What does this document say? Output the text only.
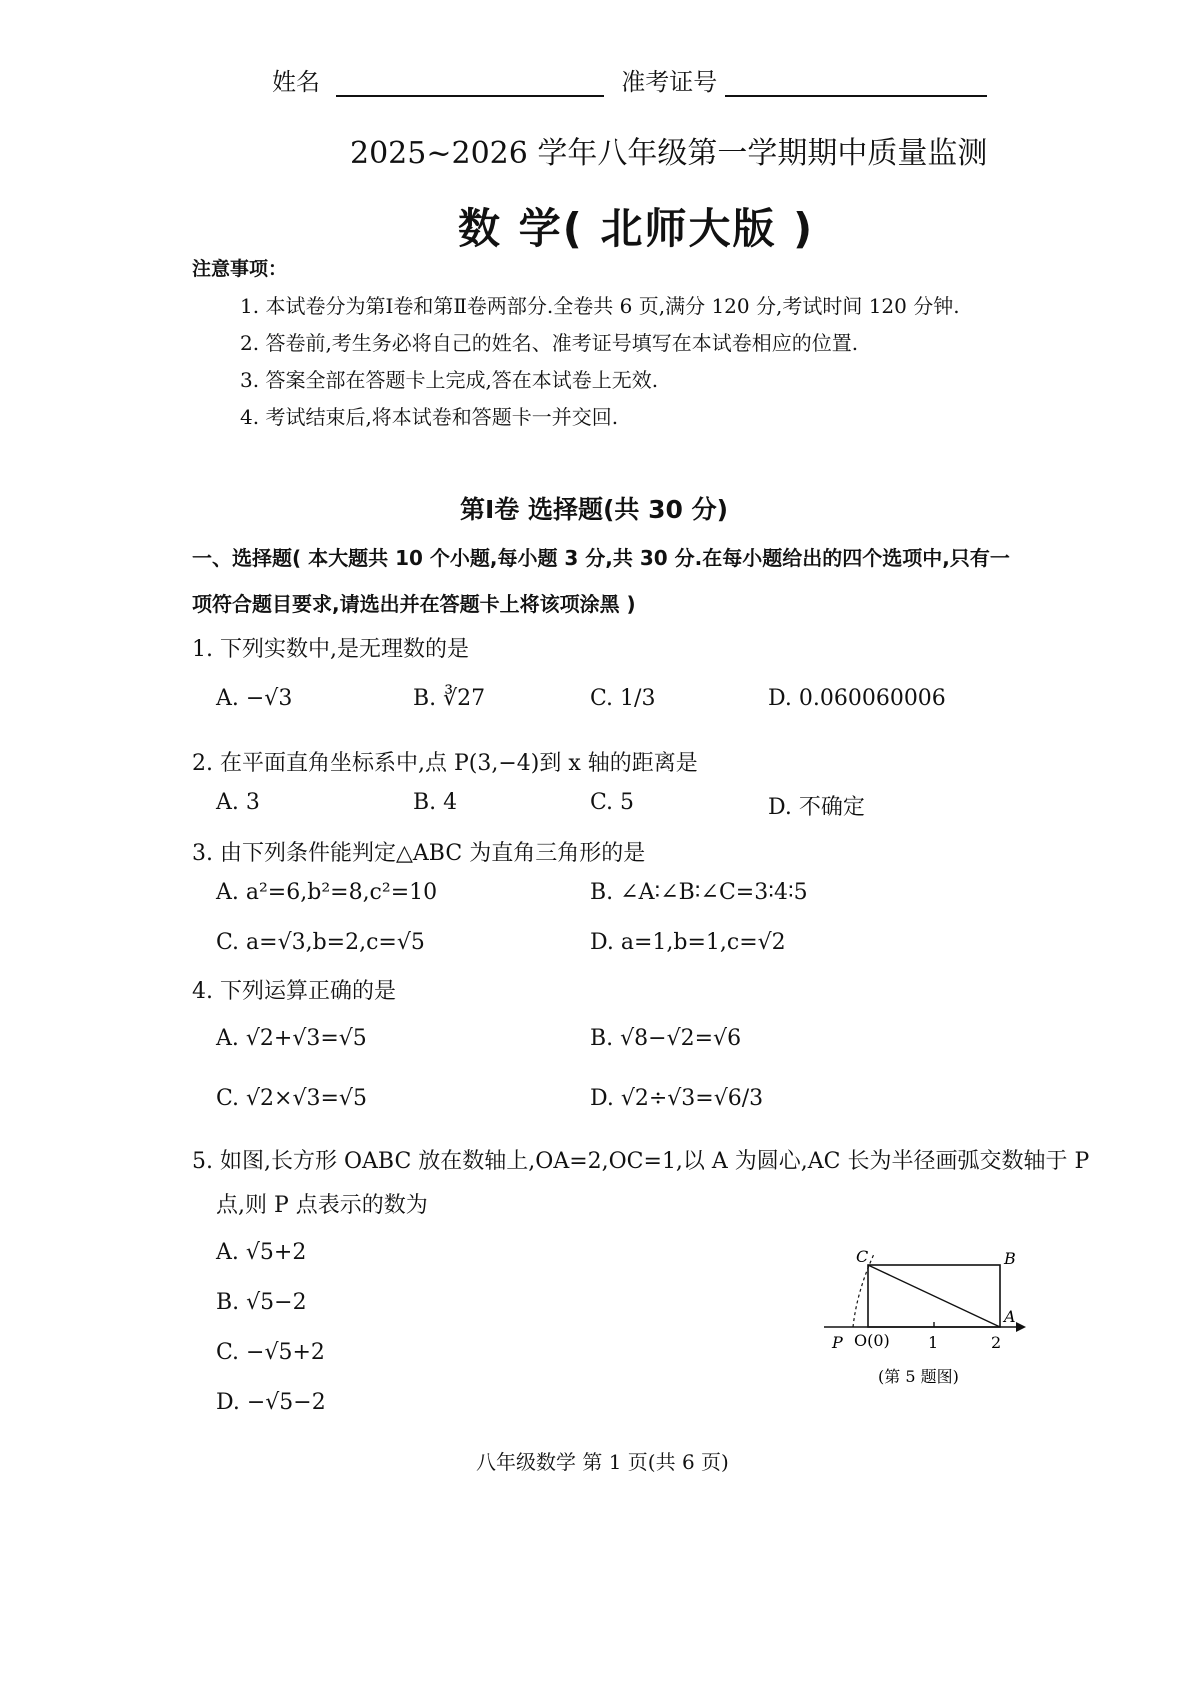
姓名	准考证号
2025~2026 学年八年级第一学期期中质量监测
数 学( 北师大版 )
注意事项：
1. 本试卷分为第Ⅰ卷和第Ⅱ卷两部分.全卷共 6 页,满分 120 分,考试时间 120 分钟.
2. 答卷前,考生务必将自己的姓名、准考证号填写在本试卷相应的位置.
3. 答案全部在答题卡上完成,答在本试卷上无效.
4. 考试结束后,将本试卷和答题卡一并交回.
第Ⅰ卷 选择题(共 30 分)
一、选择题( 本大题共 10 个小题,每小题 3 分,共 30 分.在每小题给出的四个选项中,只有一
项符合题目要求,请选出并在答题卡上将该项涂黑 )
1. 下列实数中,是无理数的是
A. −√3	B. ∛27	C. 1/3	D. 0.060060006
2. 在平面直角坐标系中,点 P(3,−4)到 x 轴的距离是
A. 3	B. 4	C. 5	D. 不确定
3. 由下列条件能判定△ABC 为直角三角形的是
A. a²=6,b²=8,c²=10	B. ∠A∶∠B∶∠C=3∶4∶5
C. a=√3,b=2,c=√5	D. a=1,b=1,c=√2
4. 下列运算正确的是
A. √2+√3=√5	B. √8−√2=√6
C. √2×√3=√5	D. √2÷√3=√6/3
5. 如图,长方形 OABC 放在数轴上,OA=2,OC=1,以 A 为圆心,AC 长为半径画弧交数轴于 P
点,则 P 点表示的数为
A. √5+2
B. √5−2
C. −√5+2
D. −√5−2
C	B
A
P O(0) 1	2
(第 5 题图)
八年级数学 第 1 页(共 6 页)
